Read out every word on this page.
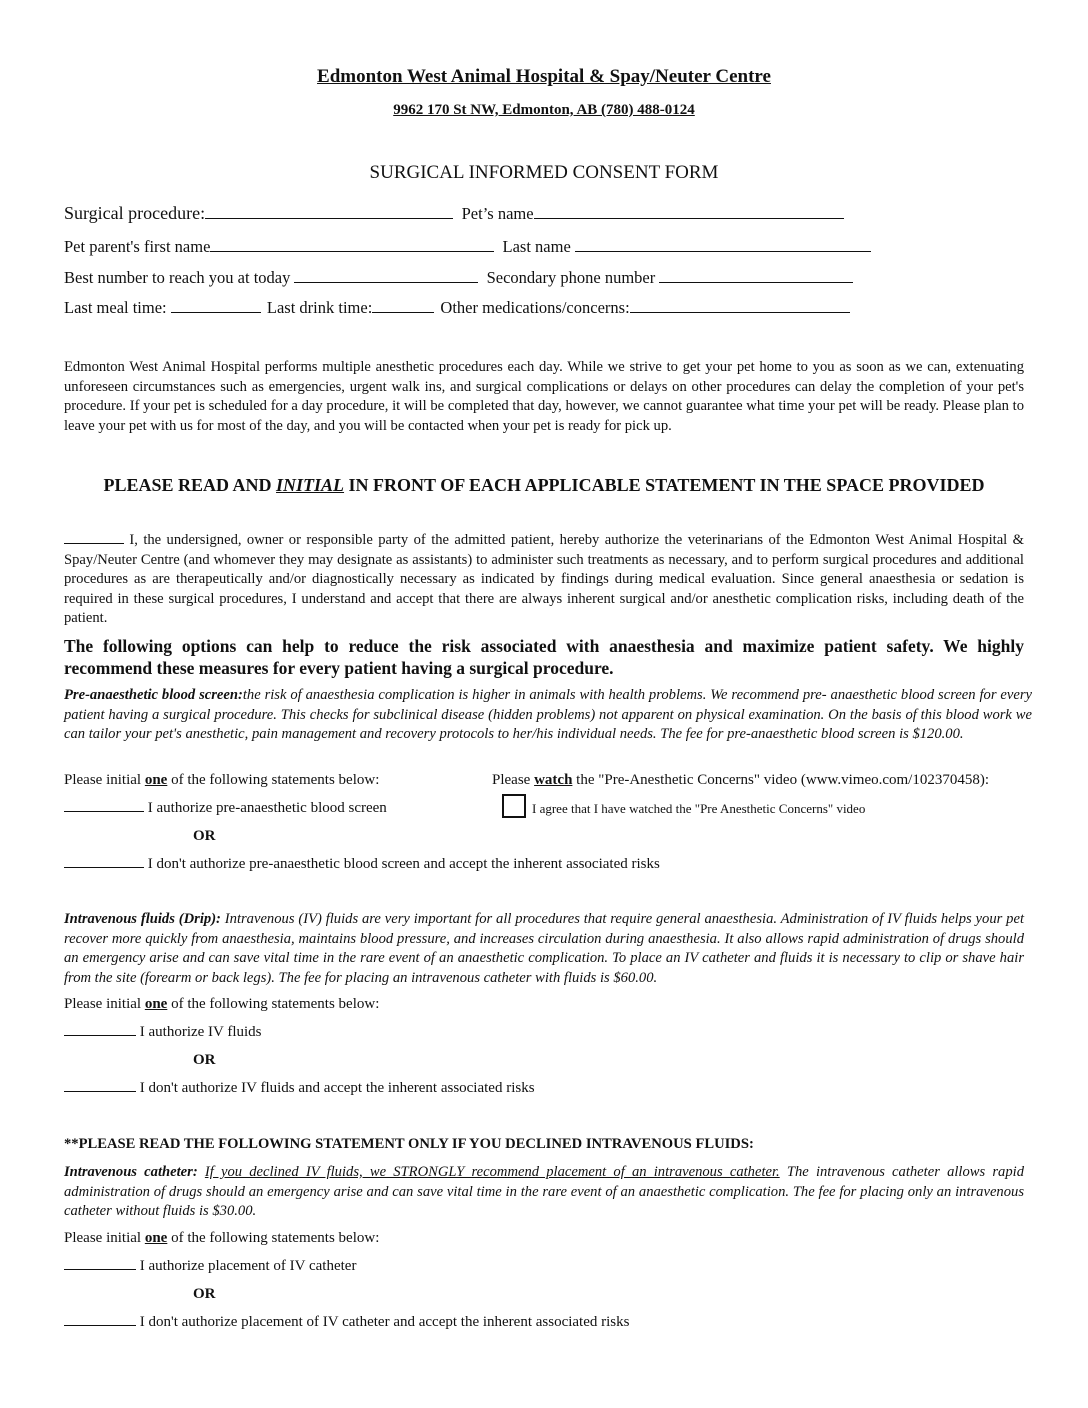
Edmonton West Animal Hospital & Spay/Neuter Centre
9962 170 St NW, Edmonton, AB (780) 488-0124
SURGICAL INFORMED CONSENT FORM
Surgical procedure:	Pet’s name
Pet parent's first name	Last name
Best number to reach you at today	Secondary phone number
Last meal time:	Last drink time:	Other medications/concerns:
Edmonton West Animal Hospital performs multiple anesthetic procedures each day. While we strive to get your pet home to you as soon as we can, extenuating unforeseen circumstances such as emergencies, urgent walk ins, and surgical complications or delays on other procedures can delay the completion of your pet's procedure. If your pet is scheduled for a day procedure, it will be completed that day, however, we cannot guarantee what time your pet will be ready. Please plan to leave your pet with us for most of the day, and you will be contacted when your pet is ready for pick up.
PLEASE READ AND INITIAL IN FRONT OF EACH APPLICABLE STATEMENT IN THE SPACE PROVIDED
I, the undersigned, owner or responsible party of the admitted patient, hereby authorize the veterinarians of the Edmonton West Animal Hospital & Spay/Neuter Centre (and whomever they may designate as assistants) to administer such treatments as necessary, and to perform surgical procedures and additional procedures as are therapeutically and/or diagnostically necessary as indicated by findings during medical evaluation. Since general anaesthesia or sedation is required in these surgical procedures, I understand and accept that there are always inherent surgical and/or anesthetic complication risks, including death of the patient.
The following options can help to reduce the risk associated with anaesthesia and maximize patient safety. We highly recommend these measures for every patient having a surgical procedure.
Pre-anaesthetic blood screen:the risk of anaesthesia complication is higher in animals with health problems. We recommend pre- anaesthetic blood screen for every patient having a surgical procedure. This checks for subclinical disease (hidden problems) not apparent on physical examination. On the basis of this blood work we can tailor your pet's anesthetic, pain management and recovery protocols to her/his individual needs. The fee for pre-anaesthetic blood screen is $120.00.
Please initial one of the following statements below:	Please watch the "Pre-Anesthetic Concerns" video (www.vimeo.com/102370458):
I authorize pre-anaesthetic blood screen	I agree that I have watched the "Pre Anesthetic Concerns" video
OR
I don't authorize pre-anaesthetic blood screen and accept the inherent associated risks
Intravenous fluids (Drip): Intravenous (IV) fluids are very important for all procedures that require general anaesthesia. Administration of IV fluids helps your pet recover more quickly from anaesthesia, maintains blood pressure, and increases circulation during anaesthesia. It also allows rapid administration of drugs should an emergency arise and can save vital time in the rare event of an anaesthetic complication. To place an IV catheter and fluids it is necessary to clip or shave hair from the site (forearm or back legs). The fee for placing an intravenous catheter with fluids is $60.00.
Please initial one of the following statements below:
I authorize IV fluids
OR
I don't authorize IV fluids and accept the inherent associated risks
**PLEASE READ THE FOLLOWING STATEMENT ONLY IF YOU DECLINED INTRAVENOUS FLUIDS:
Intravenous catheter: If you declined IV fluids, we STRONGLY recommend placement of an intravenous catheter. The intravenous catheter allows rapid administration of drugs should an emergency arise and can save vital time in the rare event of an anaesthetic complication. The fee for placing only an intravenous catheter without fluids is $30.00.
Please initial one of the following statements below:
I authorize placement of IV catheter
OR
I don't authorize placement of IV catheter and accept the inherent associated risks
